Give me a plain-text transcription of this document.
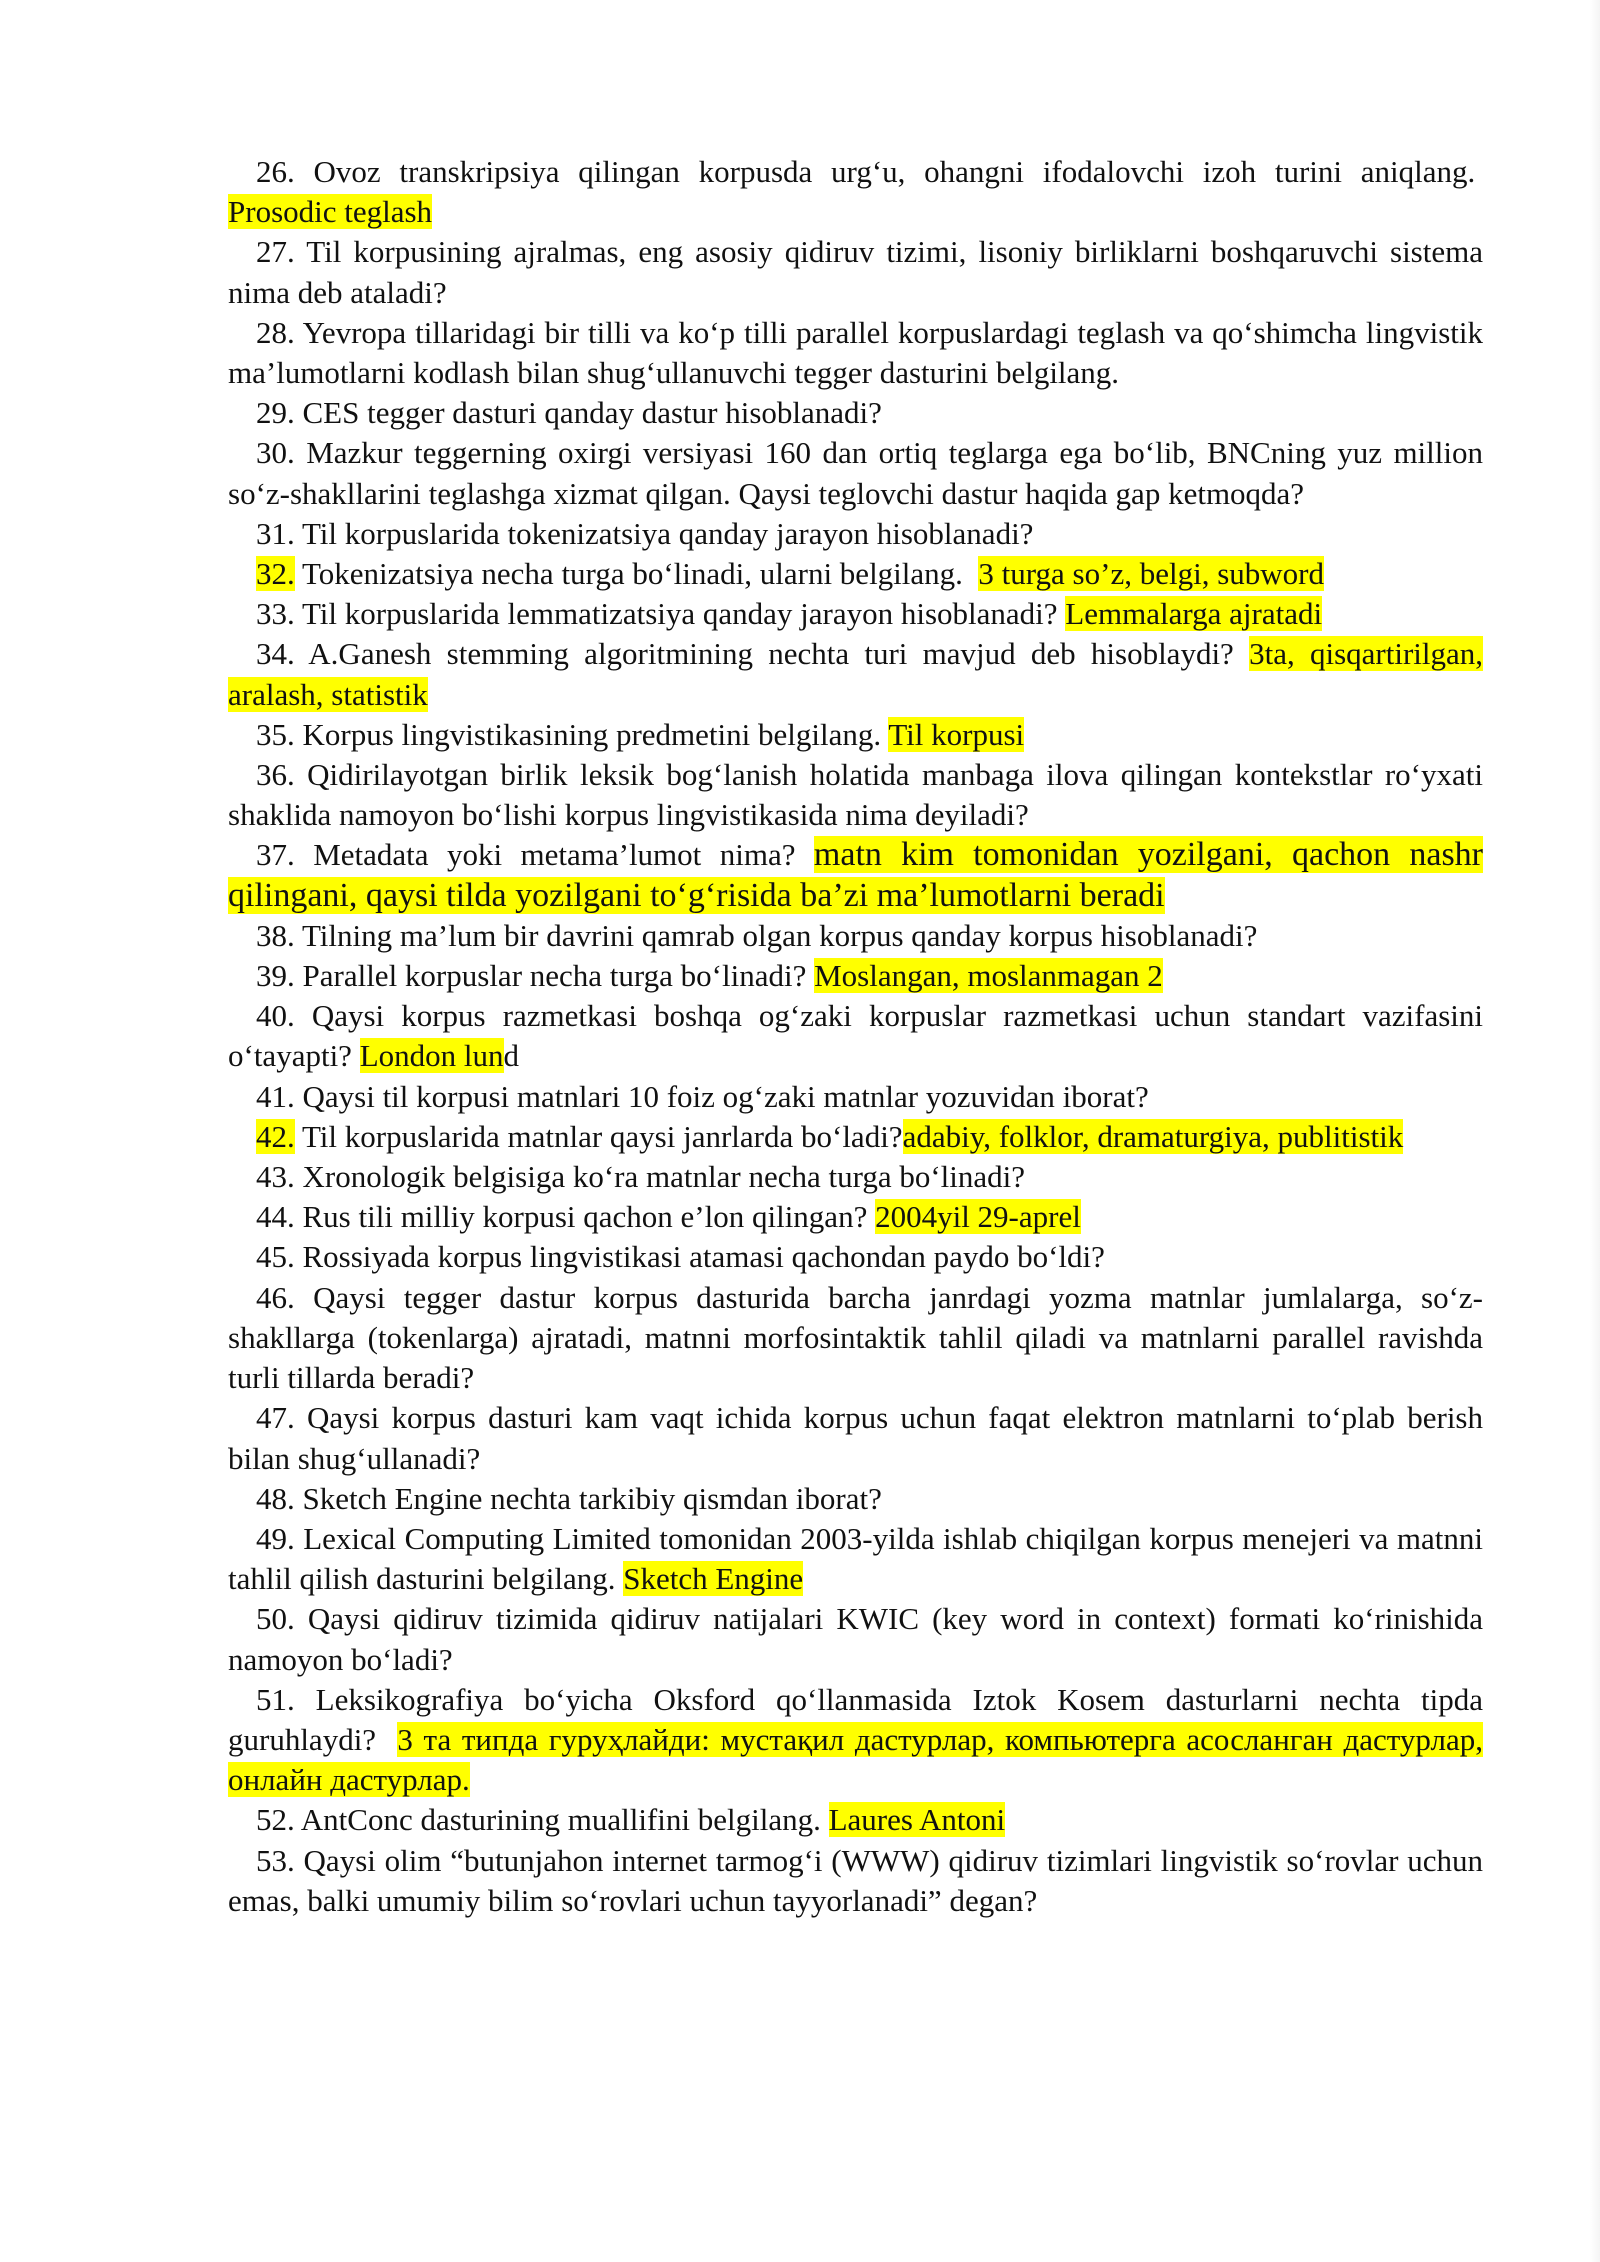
26. Ovoz transkripsiya qilingan korpusda urg‘u, ohangni ifodalovchi izoh turini aniqlang.  Prosodic teglash

27. Til korpusining ajralmas, eng asosiy qidiruv tizimi, lisoniy birliklarni boshqaruvchi sistema nima deb ataladi?

28. Yevropa tillaridagi bir tilli va ko‘p tilli parallel korpuslardagi teglash va qo‘shimcha lingvistik ma’lumotlarni kodlash bilan shug‘ullanuvchi tegger dasturini belgilang.

29. CES tegger dasturi qanday dastur hisoblanadi?

30. Mazkur teggerning oxirgi versiyasi 160 dan ortiq teglarga ega bo‘lib, BNCning yuz million so‘z-shakllarini teglashga xizmat qilgan. Qaysi teglovchi dastur haqida gap ketmoqda?

31. Til korpuslarida tokenizatsiya qanday jarayon hisoblanadi?

32. Tokenizatsiya necha turga bo‘linadi, ularni belgilang. 3 turga so’z, belgi, subword

33. Til korpuslarida lemmatizatsiya qanday jarayon hisoblanadi? Lemmalarga ajratadi

34. A.Ganesh stemming algoritmining nechta turi mavjud deb hisoblaydi? 3ta, qisqartirilgan, aralash, statistik

35. Korpus lingvistikasining predmetini belgilang. Til korpusi

36. Qidirilayotgan birlik leksik bog‘lanish holatida manbaga ilova qilingan kontekstlar ro‘yxati shaklida namoyon bo‘lishi korpus lingvistikasida nima deyiladi?

37. Metadata yoki metama’lumot nima? matn kim tomonidan yozilgani, qachon nashr qilingani, qaysi tilda yozilgani to‘g‘risida ba’zi ma’lumotlarni beradi

38. Tilning ma’lum bir davrini qamrab olgan korpus qanday korpus hisoblanadi?

39. Parallel korpuslar necha turga bo‘linadi? Moslangan, moslanmagan 2

40. Qaysi korpus razmetkasi boshqa og‘zaki korpuslar razmetkasi uchun standart vazifasini o‘tayapti? London lund

41. Qaysi til korpusi matnlari 10 foiz og‘zaki matnlar yozuvidan iborat?

42. Til korpuslarida matnlar qaysi janrlarda bo‘ladi?adabiy, folklor, dramaturgiya, publitistik

43. Xronologik belgisiga ko‘ra matnlar necha turga bo‘linadi?

44. Rus tili milliy korpusi qachon e’lon qilingan? 2004yil 29-aprel

45. Rossiyada korpus lingvistikasi atamasi qachondan paydo bo‘ldi?

46. Qaysi tegger dastur korpus dasturida barcha janrdagi yozma matnlar jumlalarga, so‘z-shakllarga (tokenlarga) ajratadi, matnni morfosintaktik tahlil qiladi va matnlarni parallel ravishda turli tillarda beradi?

47. Qaysi korpus dasturi kam vaqt ichida korpus uchun faqat elektron matnlarni to‘plab berish bilan shug‘ullanadi?

48. Sketch Engine nechta tarkibiy qismdan iborat?

49. Lexical Computing Limited tomonidan 2003-yilda ishlab chiqilgan korpus menejeri va matnni tahlil qilish dasturini belgilang. Sketch Engine

50. Qaysi qidiruv tizimida qidiruv natijalari KWIC (key word in context) formati ko‘rinishida namoyon bo‘ladi?

51. Leksikografiya bo‘yicha Oksford qo‘llanmasida Iztok Kosem dasturlarni nechta tipda guruhlaydi? 3 та типда гуруҳлайди: мустақил дастурлар, компьютерга асосланган дастурлар, онлайн дастурлар.

52. AntConc dasturining muallifini belgilang. Laures Antoni

53. Qaysi olim “butunjahon internet tarmog‘i (WWW) qidiruv tizimlari lingvistik so‘rovlar uchun emas, balki umumiy bilim so‘rovlari uchun tayyorlanadi” degan?
